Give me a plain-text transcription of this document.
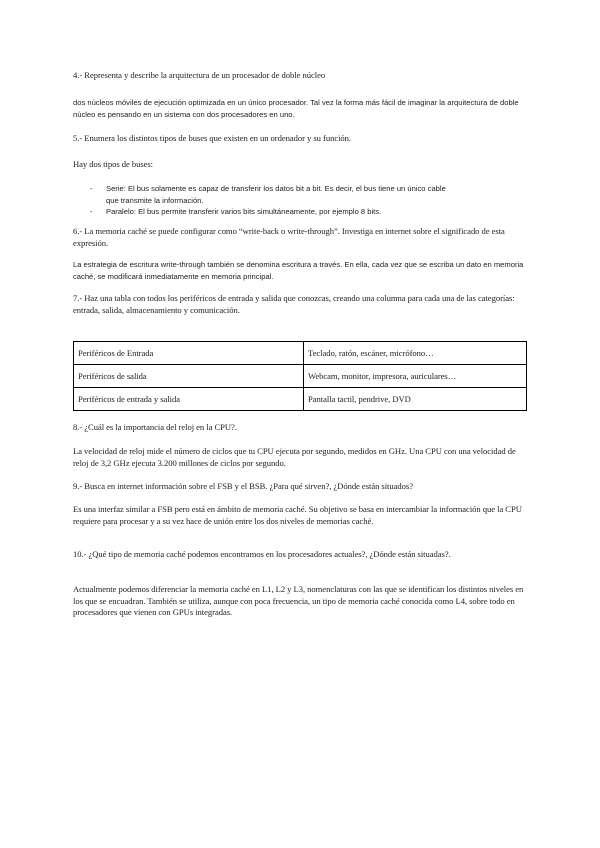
4.- Representa y describe la arquitectura de un procesador de doble núcleo

dos núcleos móviles de ejecución optimizada en un único procesador. Tal vez la forma más fácil de imaginar la arquitectura de doble núcleo es pensando en un sistema con dos procesadores en uno.

5.- Enumera los distintos tipos de buses que existen en un ordenador y su función.

Hay dos tipos de buses:

- Serie: El bus solamente es capaz de transferir los datos bit a bit. Es decir, el bus tiene un único cable
que transmite la información.
- Paralelo: El bus permite transferir varios bits simultáneamente, por ejemplo 8 bits.

6.- La memoria caché se puede configurar como “write-back o write-through”. Investiga en internet sobre el significado de esta expresión.

La estrategia de escritura write-through también se denomina escritura a través. En ella, cada vez que se escriba un dato en memoria caché, se modificará inmediatamente en memoria principal.

7.- Haz una tabla con todos los periféricos de entrada y salida que conozcas, creando una columna para cada una de las categorías: entrada, salida, almacenamiento y comunicación.

Periféricos de Entrada	Teclado, ratón, escáner, micrófono…
Periféricos de salida	Webcam, monitor, impresora, auriculares…
Periféricos de entrada y salida	Pantalla tactil, pendrive, DVD

8.- ¿Cuál es la importancia del reloj en la CPU?.

La velocidad de reloj mide el número de ciclos que tu CPU ejecuta por segundo, medidos en GHz. Una CPU con una velocidad de reloj de 3,2 GHz ejecuta 3.200 millones de ciclos por segundo.

9.- Busca en internet información sobre el FSB y el BSB. ¿Para qué sirven?, ¿Dónde están situados?

Es una interfaz similar a FSB pero está en ámbito de memoria caché. Su objetivo se basa en intercambiar la información que la CPU requiere para procesar y a su vez hace de unión entre los dos niveles de memorias caché.

10.- ¿Qué tipo de memoria caché podemos encontramos en los procesadores actuales?, ¿Dónde están situadas?.

Actualmente podemos diferenciar la memoria caché en L1, L2 y L3, nomenclaturas con las que se identifican los distintos niveles en los que se encuadran. También se utiliza, aunque con poca frecuencia, un tipo de memoria caché conocida como L4, sobre todo en procesadores que vienen con GPUs integradas.
